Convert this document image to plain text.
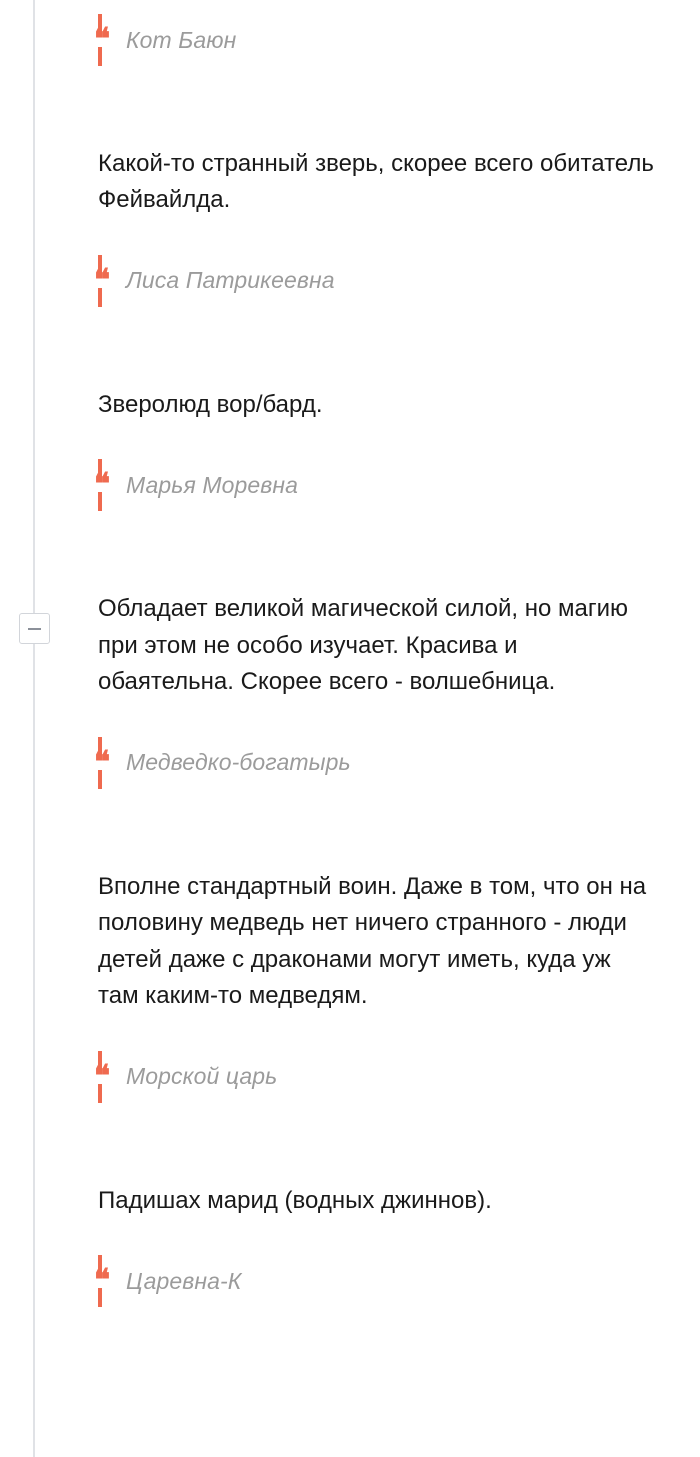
❝ Кот Баюн

Какой-то странный зверь, скорее всего обитатель Фейвайлда.

❝ Лиса Патрикеевна

Зверолюд вор/бард.

❝ Марья Моревна

Обладает великой магической силой, но магию при этом не особо изучает. Красива и обаятельна. Скорее всего - волшебница.

❝ Медведко-богатырь

Вполне стандартный воин. Даже в том, что он на половину медведь нет ничего странного - люди детей даже с драконами могут иметь, куда уж там каким-то медведям.

❝ Морской царь

Падишах марид (водных джиннов).

❝ Царевна-К
